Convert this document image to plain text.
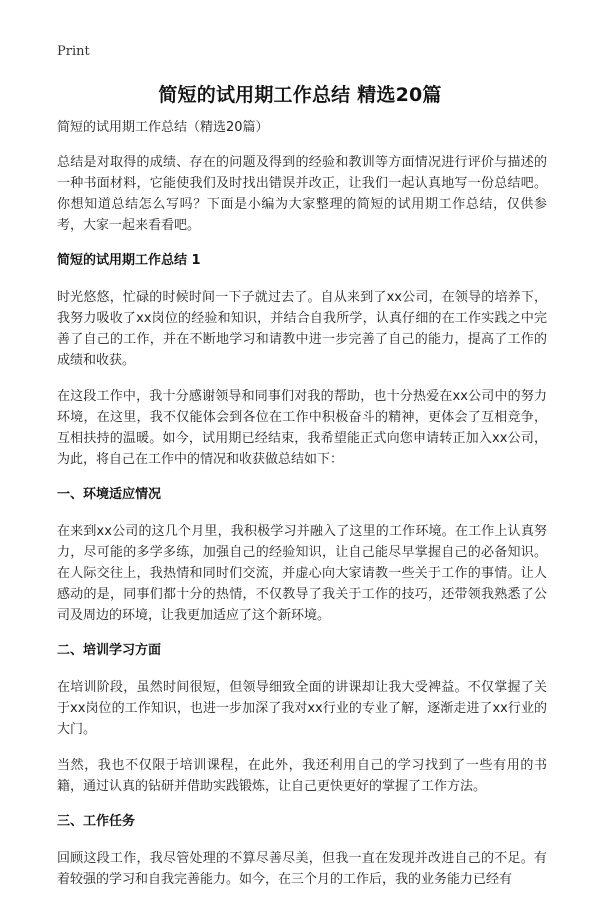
Print
简短的试用期工作总结 精选20篇

简短的试用期工作总结（精选20篇）

总结是对取得的成绩、存在的问题及得到的经验和教训等方面情况进行评价与描述的一种书面材料，它能使我们及时找出错误并改正，让我们一起认真地写一份总结吧。你想知道总结怎么写吗？下面是小编为大家整理的简短的试用期工作总结，仅供参考，大家一起来看看吧。

简短的试用期工作总结 1

时光悠悠，忙碌的时候时间一下子就过去了。自从来到了xx公司，在领导的培养下，我努力吸收了xx岗位的经验和知识，并结合自我所学，认真仔细的在工作实践之中完善了自己的工作，并在不断地学习和请教中进一步完善了自己的能力，提高了工作的成绩和收获。

在这段工作中，我十分感谢领导和同事们对我的帮助，也十分热爱在xx公司中的努力环境，在这里，我不仅能体会到各位在工作中积极奋斗的精神，更体会了互相竞争，互相扶持的温暖。如今，试用期已经结束，我希望能正式向您申请转正加入xx公司，为此，将自己在工作中的情况和收获做总结如下：

一、环境适应情况

在来到xx公司的这几个月里，我积极学习并融入了这里的工作环境。在工作上认真努力，尽可能的多学多练，加强自己的经验知识，让自己能尽早掌握自己的必备知识。在人际交往上，我热情和同时们交流，并虚心向大家请教一些关于工作的事情。让人感动的是，同事们都十分的热情，不仅教导了我关于工作的技巧，还带领我熟悉了公司及周边的环境，让我更加适应了这个新环境。

二、培训学习方面

在培训阶段，虽然时间很短，但领导细致全面的讲课却让我大受裨益。不仅掌握了关于xx岗位的工作知识，也进一步加深了我对xx行业的专业了解，逐渐走进了xx行业的大门。

当然，我也不仅限于培训课程，在此外，我还利用自己的学习找到了一些有用的书籍，通过认真的钻研并借助实践锻炼，让自己更快更好的掌握了工作方法。

三、工作任务

回顾这段工作，我尽管处理的不算尽善尽美，但我一直在发现并改进自己的不足。有着较强的学习和自我完善能力。如今，在三个月的工作后，我的业务能力已经有
